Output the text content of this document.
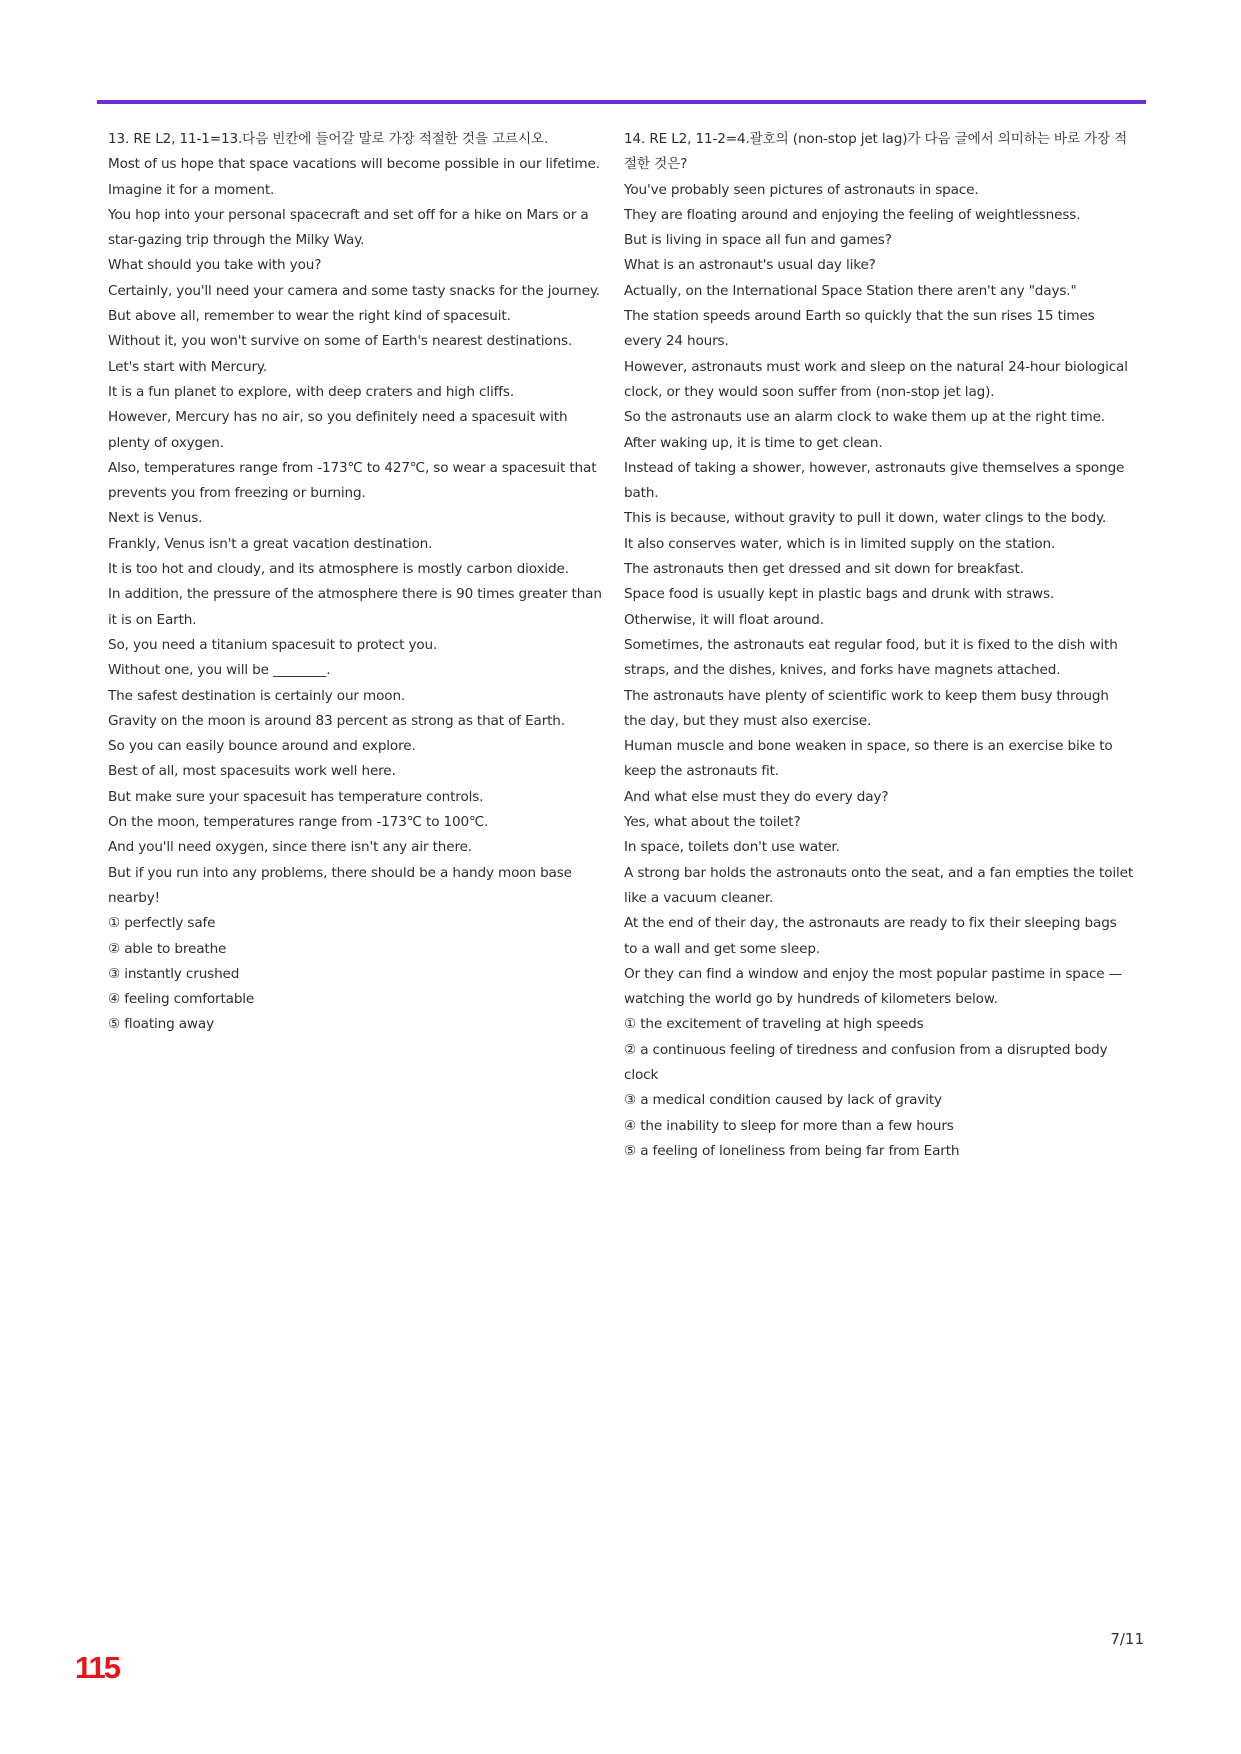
13. RE L2, 11-1=13.다음 빈칸에 들어갈 말로 가장 적절한 것을 고르시오.

Most of us hope that space vacations will become possible in our lifetime.

Imagine it for a moment.

You hop into your personal spacecraft and set off for a hike on Mars or a star-gazing trip through the Milky Way.

What should you take with you?

Certainly, you'll need your camera and some tasty snacks for the journey.

But above all, remember to wear the right kind of spacesuit.

Without it, you won't survive on some of Earth's nearest destinations.

Let's start with Mercury.

It is a fun planet to explore, with deep craters and high cliffs.

However, Mercury has no air, so you definitely need a spacesuit with plenty of oxygen.

Also, temperatures range from -173℃ to 427℃, so wear a spacesuit that prevents you from freezing or burning.

Next is Venus.

Frankly, Venus isn't a great vacation destination.

It is too hot and cloudy, and its atmosphere is mostly carbon dioxide.

In addition, the pressure of the atmosphere there is 90 times greater than it is on Earth.

So, you need a titanium spacesuit to protect you.

Without one, you will be ________.

The safest destination is certainly our moon.

Gravity on the moon is around 83 percent as strong as that of Earth.

So you can easily bounce around and explore.

Best of all, most spacesuits work well here.

But make sure your spacesuit has temperature controls.

On the moon, temperatures range from -173℃ to 100℃.

And you'll need oxygen, since there isn't any air there.

But if you run into any problems, there should be a handy moon base nearby!

① perfectly safe

② able to breathe

③ instantly crushed

④ feeling comfortable

⑤ floating away

14. RE L2, 11-2=4.괄호의 (non-stop jet lag)가 다음 글에서 의미하는 바로 가장 적절한 것은?

You've probably seen pictures of astronauts in space.

They are floating around and enjoying the feeling of weightlessness.

But is living in space all fun and games?

What is an astronaut's usual day like?

Actually, on the International Space Station there aren't any "days."

The station speeds around Earth so quickly that the sun rises 15 times every 24 hours.

However, astronauts must work and sleep on the natural 24-hour biological clock, or they would soon suffer from (non-stop jet lag).

So the astronauts use an alarm clock to wake them up at the right time.

After waking up, it is time to get clean.

Instead of taking a shower, however, astronauts give themselves a sponge bath.

This is because, without gravity to pull it down, water clings to the body.

It also conserves water, which is in limited supply on the station.

The astronauts then get dressed and sit down for breakfast.

Space food is usually kept in plastic bags and drunk with straws.

Otherwise, it will float around.

Sometimes, the astronauts eat regular food, but it is fixed to the dish with straps, and the dishes, knives, and forks have magnets attached.

The astronauts have plenty of scientific work to keep them busy through the day, but they must also exercise.

Human muscle and bone weaken in space, so there is an exercise bike to keep the astronauts fit.

And what else must they do every day?

Yes, what about the toilet?

In space, toilets don't use water.

A strong bar holds the astronauts onto the seat, and a fan empties the toilet like a vacuum cleaner.

At the end of their day, the astronauts are ready to fix their sleeping bags to a wall and get some sleep.

Or they can find a window and enjoy the most popular pastime in space — watching the world go by hundreds of kilometers below.

① the excitement of traveling at high speeds

② a continuous feeling of tiredness and confusion from a disrupted body clock

③ a medical condition caused by lack of gravity

④ the inability to sleep for more than a few hours

⑤ a feeling of loneliness from being far from Earth

7/11
115
